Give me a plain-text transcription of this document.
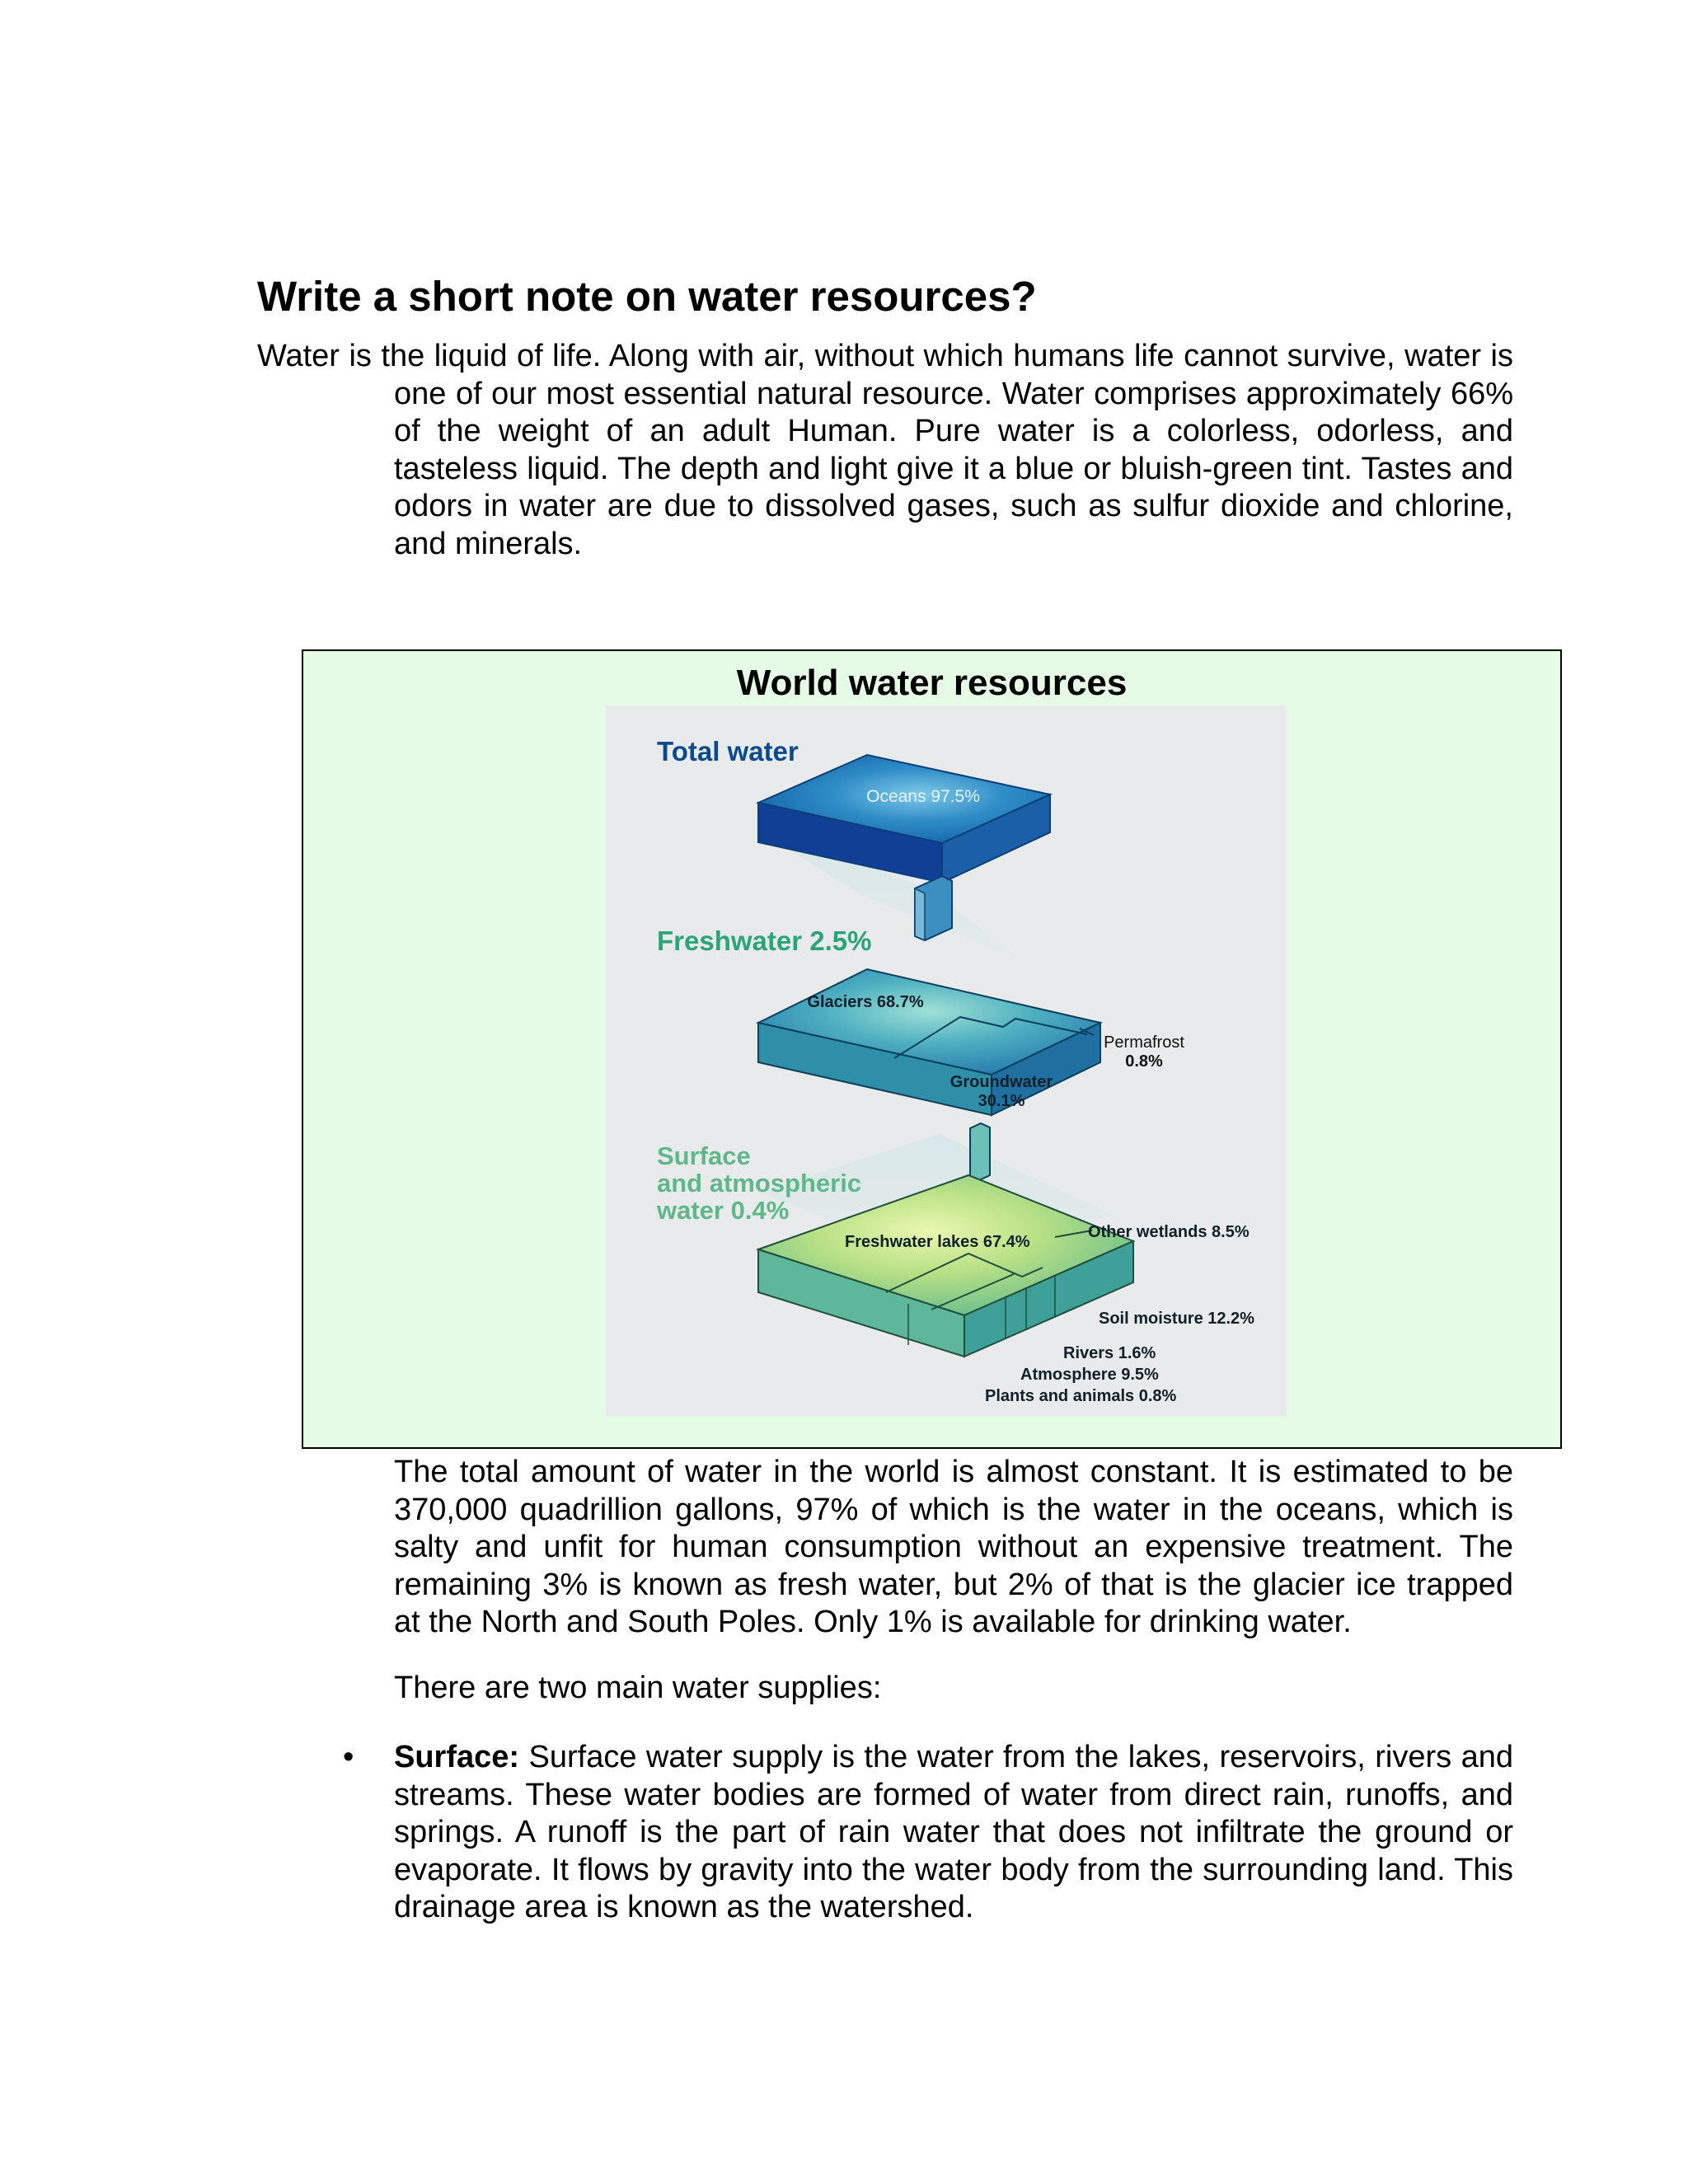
Write a short note on water resources?

Water is the liquid of life. Along with air, without which humans life cannot survive, water is one of our most essential natural resource. Water comprises approximately 66% of the weight of an adult Human. Pure water is a colorless, odorless, and tasteless liquid. The depth and light give it a blue or bluish-green tint. Tastes and odors in water are due to dissolved gases, such as sulfur dioxide and chlorine, and minerals.

World water resources
Total water
Oceans 97.5%
Freshwater 2.5%
Glaciers 68.7%
Groundwater
30.1%
Permafrost
0.8%
Surface
and atmospheric
water 0.4%
Freshwater lakes 67.4%
Other wetlands 8.5%
Soil moisture 12.2%
Rivers 1.6%
Atmosphere 9.5%
Plants and animals 0.8%

The total amount of water in the world is almost constant. It is estimated to be 370,000 quadrillion gallons, 97% of which is the water in the oceans, which is salty and unfit for human consumption without an expensive treatment. The remaining 3% is known as fresh water, but 2% of that is the glacier ice trapped at the North and South Poles. Only 1% is available for drinking water.

There are two main water supplies:

• Surface: Surface water supply is the water from the lakes, reservoirs, rivers and streams. These water bodies are formed of water from direct rain, runoffs, and springs. A runoff is the part of rain water that does not infiltrate the ground or evaporate. It flows by gravity into the water body from the surrounding land. This drainage area is known as the watershed.
